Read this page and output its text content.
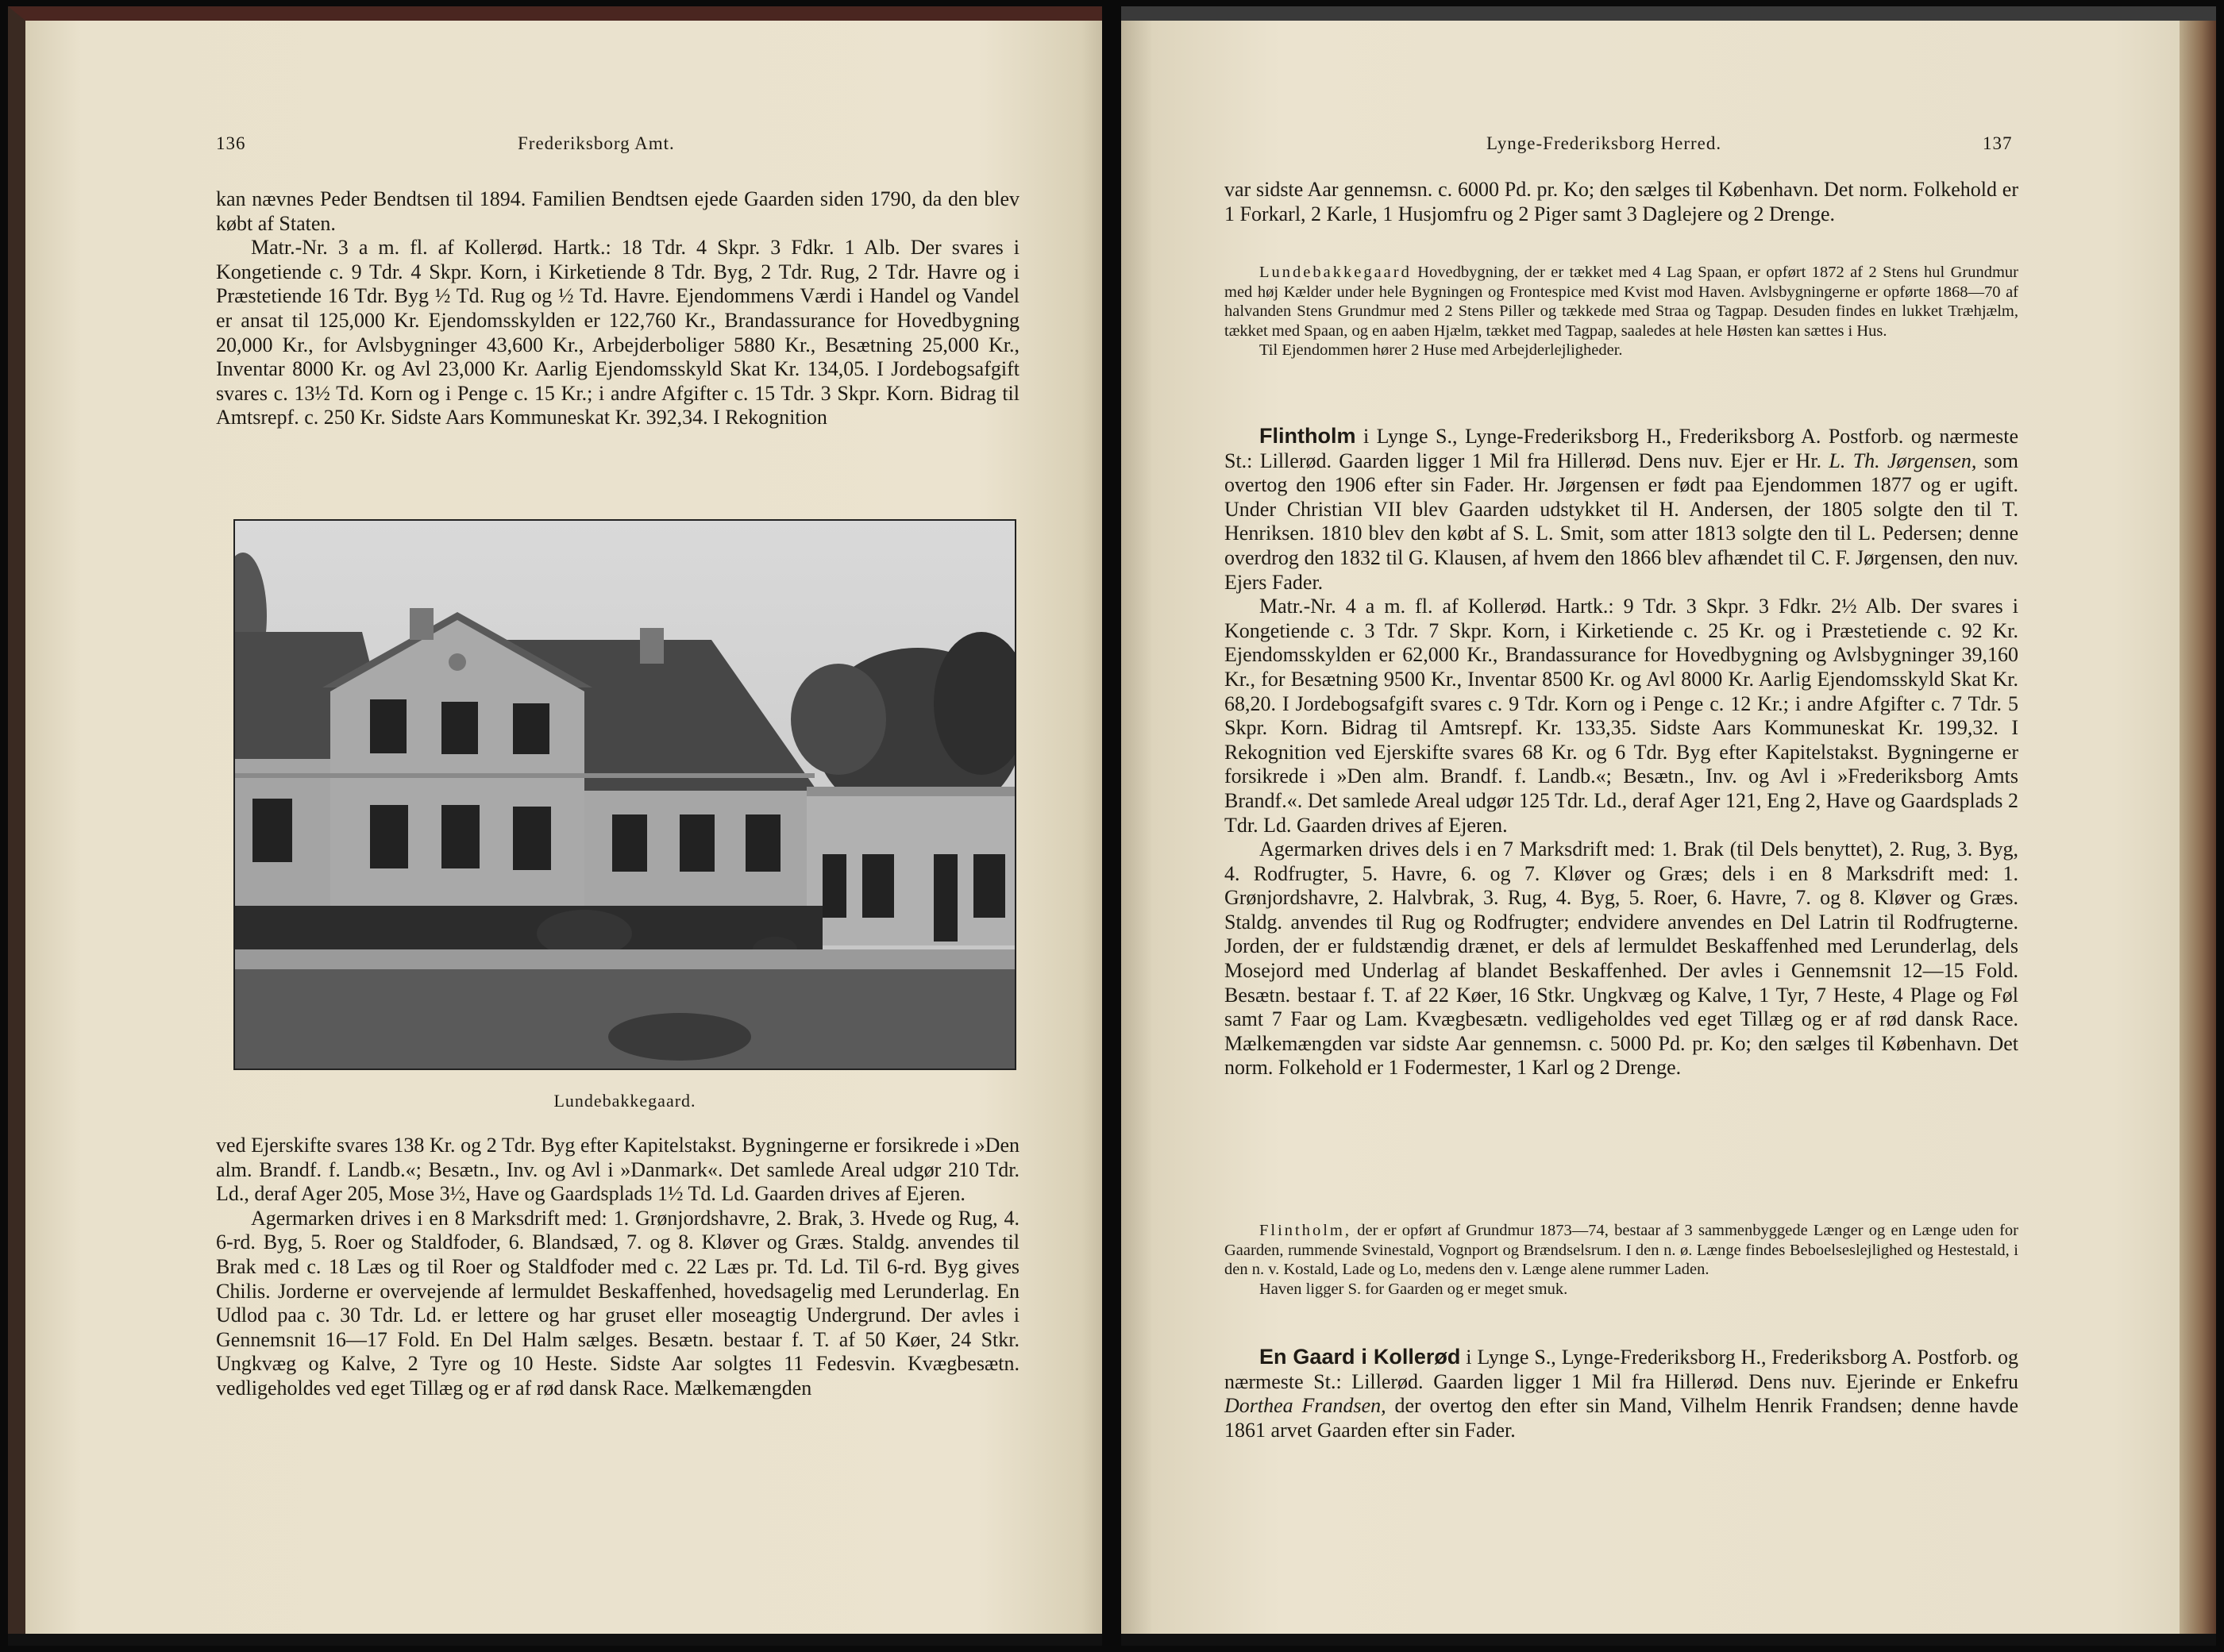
136	Frederiksborg Amt.

kan nævnes Peder Bendtsen til 1894. Familien Bendtsen ejede Gaarden siden 1790, da den blev købt af Staten.

Matr.-Nr. 3 a m. fl. af Kollerød. Hartk.: 18 Tdr. 4 Skpr. 3 Fdkr. 1 Alb. Der svares i Kongetiende c. 9 Tdr. 4 Skpr. Korn, i Kirketiende 8 Tdr. Byg, 2 Tdr. Rug, 2 Tdr. Havre og i Præstetiende 16 Tdr. Byg ½ Td. Rug og ½ Td. Havre. Ejendommens Værdi i Handel og Vandel er ansat til 125,000 Kr. Ejendomsskylden er 122,760 Kr., Brandassurance for Hovedbygning 20,000 Kr., for Avlsbygninger 43,600 Kr., Arbejderboliger 5880 Kr., Besætning 25,000 Kr., Inventar 8000 Kr. og Avl 23,000 Kr. Aarlig Ejendomsskyld Skat Kr. 134,05. I Jordebogsafgift svares c. 13½ Td. Korn og i Penge c. 15 Kr.; i andre Afgifter c. 15 Tdr. 3 Skpr. Korn. Bidrag til Amtsrepf. c. 250 Kr. Sidste Aars Kommuneskat Kr. 392,34. I Rekognition

Lundebakkegaard.

ved Ejerskifte svares 138 Kr. og 2 Tdr. Byg efter Kapitelstakst. Bygningerne er forsikrede i »Den alm. Brandf. f. Landb.«; Besætn., Inv. og Avl i »Danmark«. Det samlede Areal udgør 210 Tdr. Ld., deraf Ager 205, Mose 3½, Have og Gaardsplads 1½ Td. Ld. Gaarden drives af Ejeren.

Agermarken drives i en 8 Marksdrift med: 1. Grønjordshavre, 2. Brak, 3. Hvede og Rug, 4. 6-rd. Byg, 5. Roer og Staldfoder, 6. Blandsæd, 7. og 8. Kløver og Græs. Staldg. anvendes til Brak med c. 18 Læs og til Roer og Staldfoder med c. 22 Læs pr. Td. Ld. Til 6-rd. Byg gives Chilis. Jorderne er overvejende af lermuldet Beskaffenhed, hovedsagelig med Lerunderlag. En Udlod paa c. 30 Tdr. Ld. er lettere og har gruset eller moseagtig Undergrund. Der avles i Gennemsnit 16—17 Fold. En Del Halm sælges. Besætn. bestaar f. T. af 50 Køer, 24 Stkr. Ungkvæg og Kalve, 2 Tyre og 10 Heste. Sidste Aar solgtes 11 Fedesvin. Kvægbesætn. vedligeholdes ved eget Tillæg og er af rød dansk Race. Mælkemængden

Lynge-Frederiksborg Herred.	137

var sidste Aar gennemsn. c. 6000 Pd. pr. Ko; den sælges til København. Det norm. Folkehold er 1 Forkarl, 2 Karle, 1 Husjomfru og 2 Piger samt 3 Daglejere og 2 Drenge.

Lundebakkegaard Hovedbygning, der er tækket med 4 Lag Spaan, er opført 1872 af 2 Stens hul Grundmur med høj Kælder under hele Bygningen og Frontespice med Kvist mod Haven. Avlsbygningerne er opførte 1868—70 af halvanden Stens Grundmur med 2 Stens Piller og tækkede med Straa og Tagpap. Desuden findes en lukket Træhjælm, tækket med Spaan, og en aaben Hjælm, tækket med Tagpap, saaledes at hele Høsten kan sættes i Hus.

Til Ejendommen hører 2 Huse med Arbejderlejligheder.

Flintholm i Lynge S., Lynge-Frederiksborg H., Frederiksborg A. Postforb. og nærmeste St.: Lillerød. Gaarden ligger 1 Mil fra Hillerød. Dens nuv. Ejer er Hr. L. Th. Jørgensen, som overtog den 1906 efter sin Fader. Hr. Jørgensen er født paa Ejendommen 1877 og er ugift. Under Christian VII blev Gaarden udstykket til H. Andersen, der 1805 solgte den til T. Henriksen. 1810 blev den købt af S. L. Smit, som atter 1813 solgte den til L. Pedersen; denne overdrog den 1832 til G. Klausen, af hvem den 1866 blev afhændet til C. F. Jørgensen, den nuv. Ejers Fader.

Matr.-Nr. 4 a m. fl. af Kollerød. Hartk.: 9 Tdr. 3 Skpr. 3 Fdkr. 2½ Alb. Der svares i Kongetiende c. 3 Tdr. 7 Skpr. Korn, i Kirketiende c. 25 Kr. og i Præstetiende c. 92 Kr. Ejendomsskylden er 62,000 Kr., Brandassurance for Hovedbygning og Avlsbygninger 39,160 Kr., for Besætning 9500 Kr., Inventar 8500 Kr. og Avl 8000 Kr. Aarlig Ejendomsskyld Skat Kr. 68,20. I Jordebogsafgift svares c. 9 Tdr. Korn og i Penge c. 12 Kr.; i andre Afgifter c. 7 Tdr. 5 Skpr. Korn. Bidrag til Amtsrepf. Kr. 133,35. Sidste Aars Kommuneskat Kr. 199,32. I Rekognition ved Ejerskifte svares 68 Kr. og 6 Tdr. Byg efter Kapitelstakst. Bygningerne er forsikrede i »Den alm. Brandf. f. Landb.«; Besætn., Inv. og Avl i »Frederiksborg Amts Brandf.«. Det samlede Areal udgør 125 Tdr. Ld., deraf Ager 121, Eng 2, Have og Gaardsplads 2 Tdr. Ld. Gaarden drives af Ejeren.

Agermarken drives dels i en 7 Marksdrift med: 1. Brak (til Dels benyttet), 2. Rug, 3. Byg, 4. Rodfrugter, 5. Havre, 6. og 7. Kløver og Græs; dels i en 8 Marksdrift med: 1. Grønjordshavre, 2. Halvbrak, 3. Rug, 4. Byg, 5. Roer, 6. Havre, 7. og 8. Kløver og Græs. Staldg. anvendes til Rug og Rodfrugter; endvidere anvendes en Del Latrin til Rodfrugterne. Jorden, der er fuldstændig drænet, er dels af lermuldet Beskaffenhed med Lerunderlag, dels Mosejord med Underlag af blandet Beskaffenhed. Der avles i Gennemsnit 12—15 Fold. Besætn. bestaar f. T. af 22 Køer, 16 Stkr. Ungkvæg og Kalve, 1 Tyr, 7 Heste, 4 Plage og Føl samt 7 Faar og Lam. Kvægbesætn. vedligeholdes ved eget Tillæg og er af rød dansk Race. Mælkemængden var sidste Aar gennemsn. c. 5000 Pd. pr. Ko; den sælges til København. Det norm. Folkehold er 1 Fodermester, 1 Karl og 2 Drenge.

Flintholm, der er opført af Grundmur 1873—74, bestaar af 3 sammenbyggede Længer og en Længe uden for Gaarden, rummende Svinestald, Vognport og Brændselsrum. I den n. ø. Længe findes Beboelseslejlighed og Hestestald, i den n. v. Kostald, Lade og Lo, medens den v. Længe alene rummer Laden.

Haven ligger S. for Gaarden og er meget smuk.

En Gaard i Kollerød i Lynge S., Lynge-Frederiksborg H., Frederiksborg A. Postforb. og nærmeste St.: Lillerød. Gaarden ligger 1 Mil fra Hillerød. Dens nuv. Ejerinde er Enkefru Dorthea Frandsen, der overtog den efter sin Mand, Vilhelm Henrik Frandsen; denne havde 1861 arvet Gaarden efter sin Fader.
